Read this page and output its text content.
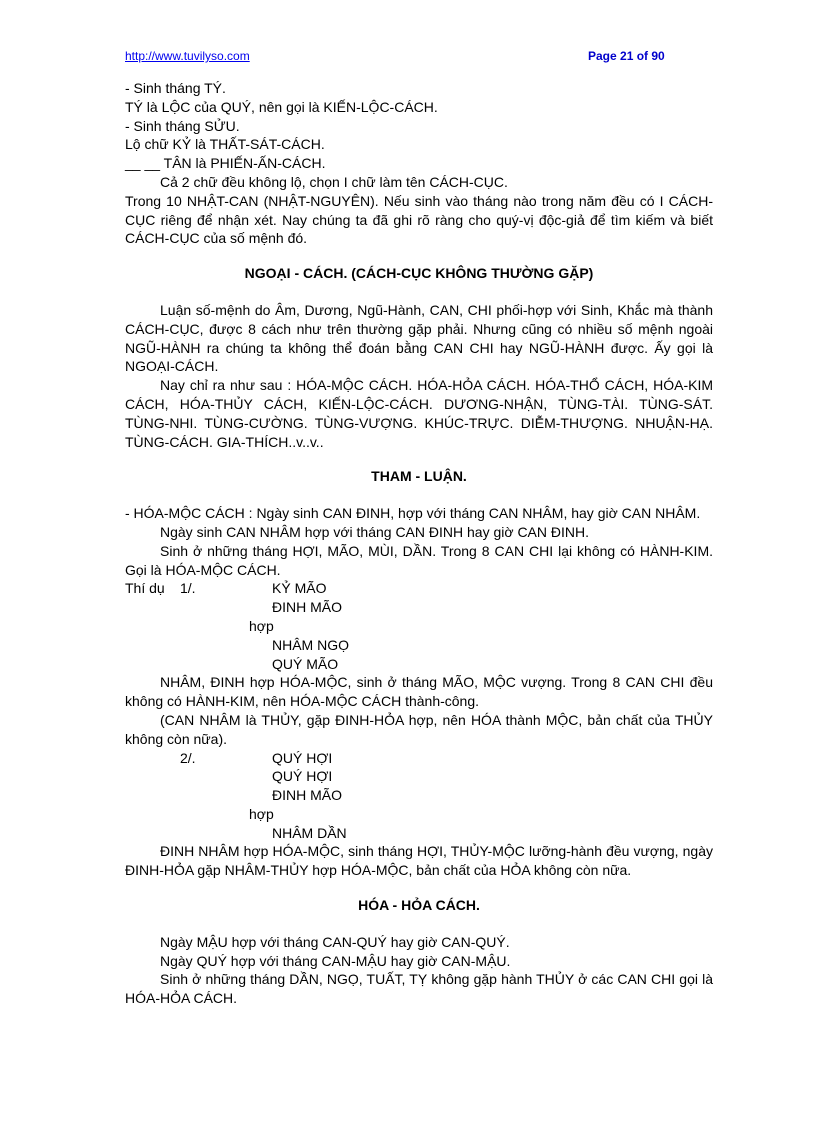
http://www.tuvilyso.com	Page 21 of 90

- Sinh tháng TÝ.

TÝ là LỘC của QUÝ, nên gọi là KIẾN-LỘC-CÁCH.

- Sinh tháng SỬU.

Lộ chữ KỶ là THẤT-SÁT-CÁCH.

__ __ TÂN là PHIẾN-ẤN-CÁCH.

Cả 2 chữ đều không lộ, chọn I chữ làm tên CÁCH-CỤC.

Trong 10 NHẬT-CAN (NHẬT-NGUYÊN). Nếu sinh vào tháng nào trong năm đều có I CÁCH-CỤC riêng để nhận xét. Nay chúng ta đã ghi rõ ràng cho quý-vị độc-giả để tìm kiếm và biết CÁCH-CỤC của số mệnh đó.

NGOẠI - CÁCH. (CÁCH-CỤC KHÔNG THƯỜNG GẶP)

Luận số-mệnh do Âm, Dương, Ngũ-Hành, CAN, CHI phối-hợp với Sinh, Khắc mà thành CÁCH-CỤC, được 8 cách như trên thường gặp phải. Nhưng cũng có nhiều số mệnh ngoài NGŨ-HÀNH ra chúng ta không thể đoán bằng CAN CHI hay NGŨ-HÀNH được. Ấy gọi là NGOẠI-CÁCH.

Nay chỉ ra như sau : HÓA-MỘC CÁCH. HÓA-HỎA CÁCH. HÓA-THỔ CÁCH, HÓA-KIM CÁCH, HÓA-THỦY CÁCH, KIẾN-LỘC-CÁCH. DƯƠNG-NHẬN, TÙNG-TÀI. TÙNG-SÁT. TÙNG-NHI. TÙNG-CƯỜNG. TÙNG-VƯỢNG. KHÚC-TRỰC. DIỄM-THƯỢNG. NHUẬN-HẠ. TÙNG-CÁCH. GIA-THÍCH..v..v..

THAM - LUẬN.

- HÓA-MỘC CÁCH : Ngày sinh CAN ĐINH, hợp với tháng CAN NHÂM, hay giờ CAN NHÂM.

Ngày sinh CAN NHÂM hợp với tháng CAN ĐINH hay giờ CAN ĐINH.

Sinh ở những tháng HỢI, MÃO, MÙI, DẦN. Trong 8 CAN CHI lại không có HÀNH-KIM. Gọi là HÓA-MỘC CÁCH.

Thí dụ 1/.	KỶ MÃO
ĐINH MÃO
hợp
NHÂM NGỌ
QUÝ MÃO

NHÂM, ĐINH hợp HÓA-MỘC, sinh ở tháng MÃO, MỘC vượng. Trong 8 CAN CHI đều không có HÀNH-KIM, nên HÓA-MỘC CÁCH thành-công.

(CAN NHÂM là THỦY, gặp ĐINH-HỎA hợp, nên HÓA thành MỘC, bản chất của THỦY không còn nữa).

2/.	QUÝ HỢI
QUÝ HỢI
ĐINH MÃO
hợp
NHÂM DẦN

ĐINH NHÂM hợp HÓA-MỘC, sinh tháng HỢI, THỦY-MỘC lưỡng-hành đều vượng, ngày ĐINH-HỎA gặp NHÂM-THỦY hợp HÓA-MỘC, bản chất của HỎA không còn nữa.

HÓA - HỎA CÁCH.

Ngày MẬU hợp với tháng CAN-QUÝ hay giờ CAN-QUÝ.

Ngày QUÝ hợp với tháng CAN-MẬU hay giờ CAN-MẬU.

Sinh ở những tháng DẦN, NGỌ, TUẤT, TỴ không gặp hành THỦY ở các CAN CHI gọi là HÓA-HỎA CÁCH.
